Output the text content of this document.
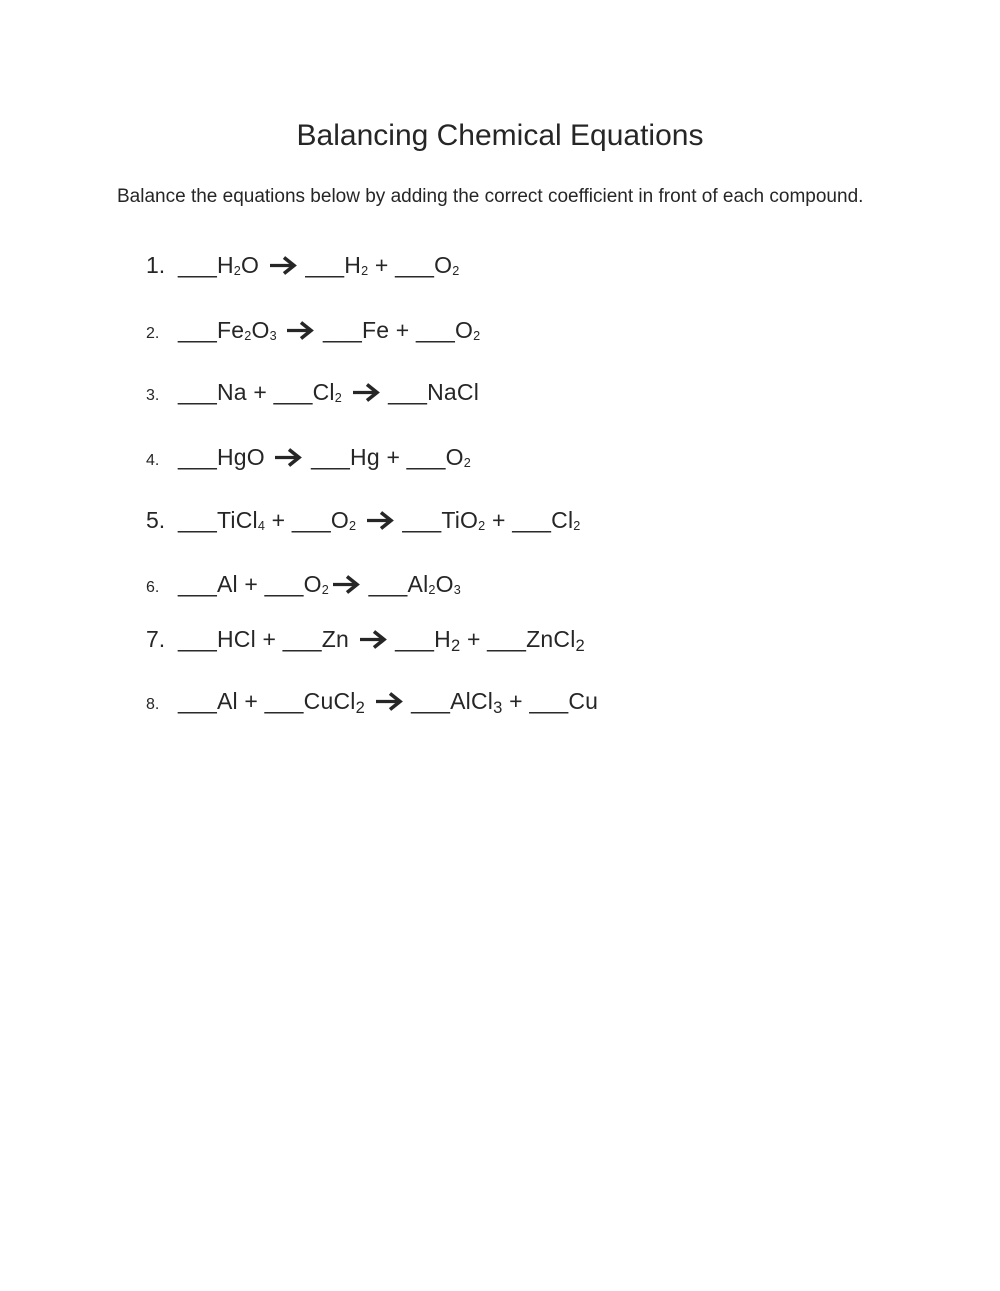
Balancing Chemical Equations
Balance the equations below by adding the correct coefficient in front of each compound.
1. ___H2O
___H2 + ___O2
2. ___Fe2O3 ___Fe + ___O2
3. ___Na + ___Cl2 ___NaCl
4. ___HgO
___Hg + ___O2
5. ___TiCl4 + ___O2 ___TiO2 + ___Cl2
6. ___Al + ___O2 ___Al2O3
7. ___HCl + ___Zn
___H2 + ___ZnCl2
8. ___Al + ___CuCl2 ___AlCl3 + ___Cu
